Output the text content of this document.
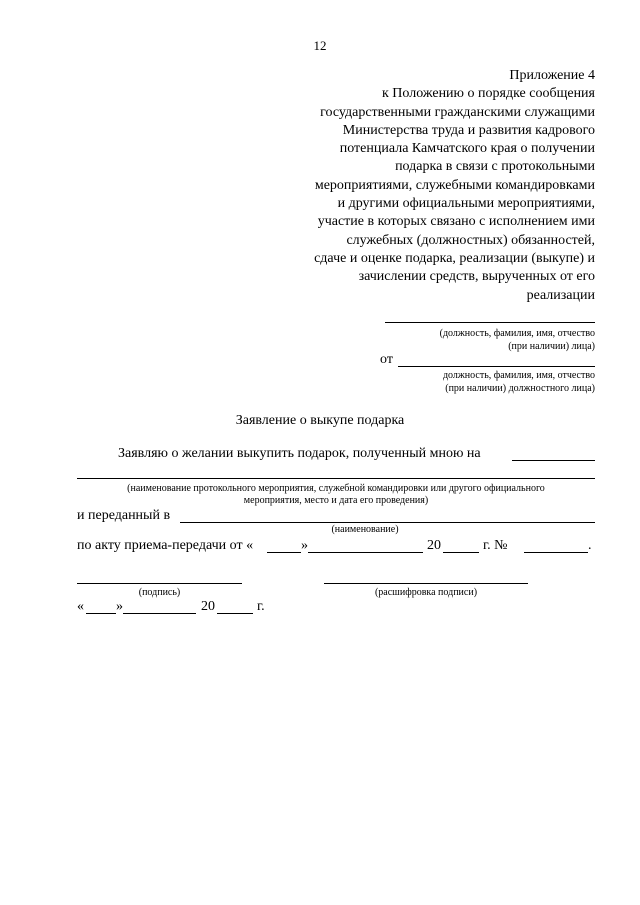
12
Приложение 4
к Положению о порядке сообщения
государственными гражданскими служащими
Министерства труда и развития кадрового
потенциала Камчатского края о получении
подарка в связи с протокольными
мероприятиями, служебными командировками
и другими официальными мероприятиями,
участие в которых связано с исполнением ими
служебных (должностных) обязанностей,
сдаче и оценке подарка, реализации (выкупе) и
зачислении средств, вырученных от его
реализации
(должность, фамилия, имя, отчество
(при наличии) лица)
от
должность, фамилия, имя, отчество
(при наличии) должностного лица)
Заявление о выкупе подарка
Заявляю о желании выкупить подарок, полученный мною на
(наименование протокольного мероприятия, служебной командировки или другого официального
мероприятия, место и дата его проведения)
и переданный в
(наименование)
по акту приема-передачи от «	»	20	г. №	.
(подпись)	(расшифровка подписи)
« »	20	г.
